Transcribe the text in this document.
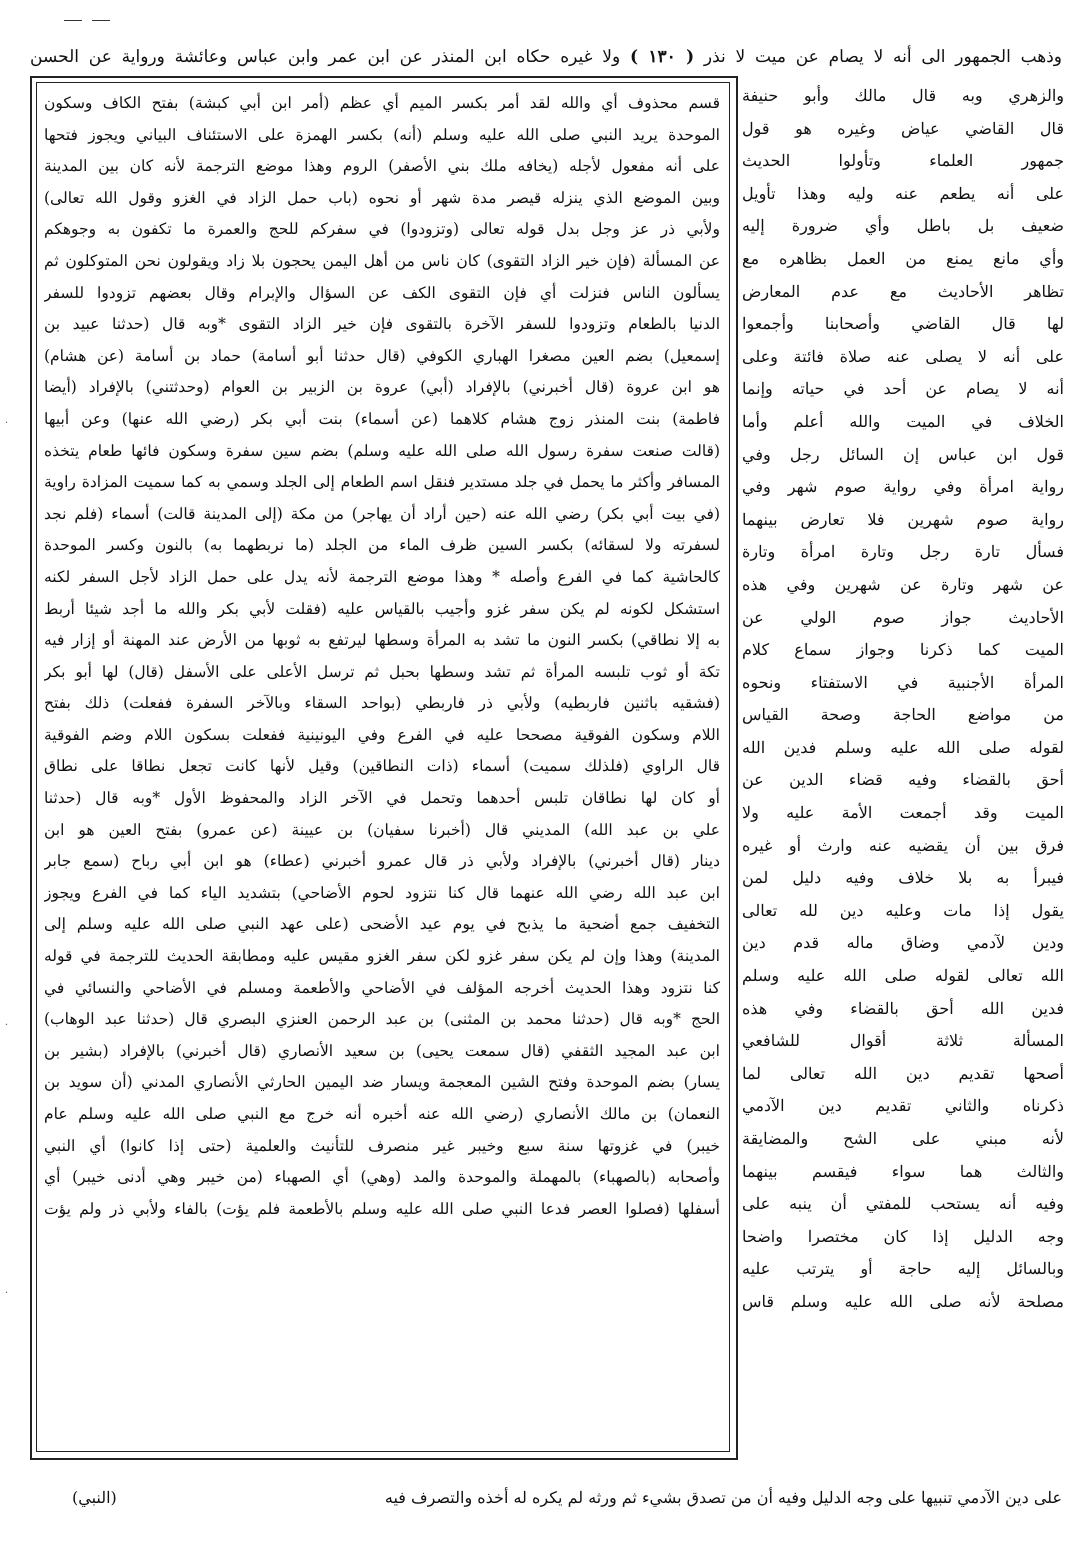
وذهب الجمهور الى أنه لا يصام عن ميت لا نذر ( ١٣٠ ) ولا غيره حكاه ابن المنذر عن ابن عمر وابن عباس وعائشة ورواية عن الحسن
قسم محذوف أي والله لقد أمر بكسر الميم أي عظم (أمر ابن أبي كبشة) بفتح الكاف وسكون
الموحدة يريد النبي صلى الله عليه وسلم (أنه) بكسر الهمزة على الاستئناف البياني ويجوز فتحها
على أنه مفعول لأجله (يخافه ملك بني الأصفر) الروم وهذا موضع الترجمة لأنه كان بين المدينة
وبين الموضع الذي ينزله قيصر مدة شهر أو نحوه (باب حمل الزاد في الغزو وقول الله تعالى)
ولأبي ذر عز وجل بدل قوله تعالى (وتزودوا) في سفركم للحج والعمرة ما تكفون به وجوهكم
عن المسألة (فإن خير الزاد التقوى) كان ناس من أهل اليمن يحجون بلا زاد ويقولون نحن المتوكلون ثم
يسألون الناس فنزلت أي فإن التقوى الكف عن السؤال والإبرام وقال بعضهم تزودوا للسفر
الدنيا بالطعام وتزودوا للسفر الآخرة بالتقوى فإن خير الزاد التقوى *وبه قال (حدثنا عبيد بن
إسمعيل) بضم العين مصغرا الهباري الكوفي (قال حدثنا أبو أسامة) حماد بن أسامة (عن هشام)
هو ابن عروة (قال أخبرني) بالإفراد (أبي) عروة بن الزبير بن العوام (وحدثتني) بالإفراد (أيضا
فاطمة) بنت المنذر زوج هشام كلاهما (عن أسماء) بنت أبي بكر (رضي الله عنها) وعن أبيها
(قالت صنعت سفرة رسول الله صلى الله عليه وسلم) بضم سين سفرة وسكون فائها طعام يتخذه
المسافر وأكثر ما يحمل في جلد مستدير فنقل اسم الطعام إلى الجلد وسمي به كما سميت المزادة راوية
(في بيت أبي بكر) رضي الله عنه (حين أراد أن يهاجر) من مكة (إلى المدينة قالت) أسماء (فلم نجد
لسفرته ولا لسقائه) بكسر السين ظرف الماء من الجلد (ما نربطهما به) بالنون وكسر الموحدة
كالحاشية كما في الفرع وأصله * وهذا موضع الترجمة لأنه يدل على حمل الزاد لأجل السفر لكنه
استشكل لكونه لم يكن سفر غزو وأجيب بالقياس عليه (فقلت لأبي بكر والله ما أجد شيئا أربط
به إلا نطاقي) بكسر النون ما تشد به المرأة وسطها ليرتفع به ثوبها من الأرض عند المهنة أو إزار فيه
تكة أو ثوب تلبسه المرأة ثم تشد وسطها بحبل ثم ترسل الأعلى على الأسفل (قال) لها أبو بكر
(فشقيه باثنين فاربطيه) ولأبي ذر فاربطي (بواحد السقاء وبالآخر السفرة ففعلت) ذلك بفتح
اللام وسكون الفوقية مصححا عليه في الفرع وفي اليونينية ففعلت بسكون اللام وضم الفوقية
قال الراوي (فلذلك سميت) أسماء (ذات النطاقين) وقيل لأنها كانت تجعل نطاقا على نطاق
أو كان لها نطاقان تلبس أحدهما وتحمل في الآخر الزاد والمحفوظ الأول *وبه قال (حدثنا
علي بن عبد الله) المديني قال (أخبرنا سفيان) بن عيينة (عن عمرو) بفتح العين هو ابن
دينار (قال أخبرني) بالإفراد ولأبي ذر قال عمرو أخبرني (عطاء) هو ابن أبي رباح (سمع جابر
ابن عبد الله رضي الله عنهما قال كنا نتزود لحوم الأضاحي) بتشديد الياء كما في الفرع ويجوز
التخفيف جمع أضحية ما يذبح في يوم عيد الأضحى (على عهد النبي صلى الله عليه وسلم إلى
المدينة) وهذا وإن لم يكن سفر غزو لكن سفر الغزو مقيس عليه ومطابقة الحديث للترجمة في قوله
كنا نتزود وهذا الحديث أخرجه المؤلف في الأضاحي والأطعمة ومسلم في الأضاحي والنسائي في
الحج *وبه قال (حدثنا محمد بن المثنى) بن عبد الرحمن العنزي البصري قال (حدثنا عبد الوهاب)
ابن عبد المجيد الثقفي (قال سمعت يحيى) بن سعيد الأنصاري (قال أخبرني) بالإفراد (بشير بن
يسار) بضم الموحدة وفتح الشين المعجمة ويسار ضد اليمين الحارثي الأنصاري المدني (أن سويد بن
النعمان) بن مالك الأنصاري (رضي الله عنه أخبره أنه خرج مع النبي صلى الله عليه وسلم عام
خيبر) في غزوتها سنة سبع وخيبر غير منصرف للتأنيث والعلمية (حتى إذا كانوا) أي النبي
وأصحابه (بالصهباء) بالمهملة والموحدة والمد (وهي) أي الصهباء (من خيبر وهي أدنى خيبر) أي
أسفلها (فصلوا العصر فدعا النبي صلى الله عليه وسلم بالأطعمة فلم يؤت) بالفاء ولأبي ذر ولم يؤت
والزهري وبه قال مالك وأبو حنيفة
قال القاضي عياض وغيره هو قول
جمهور العلماء وتأولوا الحديث
على أنه يطعم عنه وليه وهذا تأويل
ضعيف بل باطل وأي ضرورة إليه
وأي مانع يمنع من العمل بظاهره مع
تظاهر الأحاديث مع عدم المعارض
لها قال القاضي وأصحابنا وأجمعوا
على أنه لا يصلى عنه صلاة فائتة وعلى
أنه لا يصام عن أحد في حياته وإنما
الخلاف في الميت والله أعلم وأما
قول ابن عباس إن السائل رجل وفي
رواية امرأة وفي رواية صوم شهر وفي
رواية صوم شهرين فلا تعارض بينهما
فسأل تارة رجل وتارة امرأة وتارة
عن شهر وتارة عن شهرين وفي هذه
الأحاديث جواز صوم الولي عن
الميت كما ذكرنا وجواز سماع كلام
المرأة الأجنبية في الاستفتاء ونحوه
من مواضع الحاجة وصحة القياس
لقوله صلى الله عليه وسلم فدين الله
أحق بالقضاء وفيه قضاء الدين عن
الميت وقد أجمعت الأمة عليه ولا
فرق بين أن يقضيه عنه وارث أو غيره
فيبرأ به بلا خلاف وفيه دليل لمن
يقول إذا مات وعليه دين لله تعالى
ودين لآدمي وضاق ماله قدم دين
الله تعالى لقوله صلى الله عليه وسلم
فدين الله أحق بالقضاء وفي هذه
المسألة ثلاثة أقوال للشافعي
أصحها تقديم دين الله تعالى لما
ذكرناه والثاني تقديم دين الآدمي
لأنه مبني على الشح والمضايقة
والثالث هما سواء فيقسم بينهما
وفيه أنه يستحب للمفتي أن ينبه على
وجه الدليل إذا كان مختصرا واضحا
وبالسائل إليه حاجة أو يترتب عليه
مصلحة لأنه صلى الله عليه وسلم قاس
على دين الآدمي تنبيها على وجه الدليل وفيه أن من تصدق بشيء ثم ورثه لم يكره له أخذه والتصرف فيه
(النبي)
·
·
·
